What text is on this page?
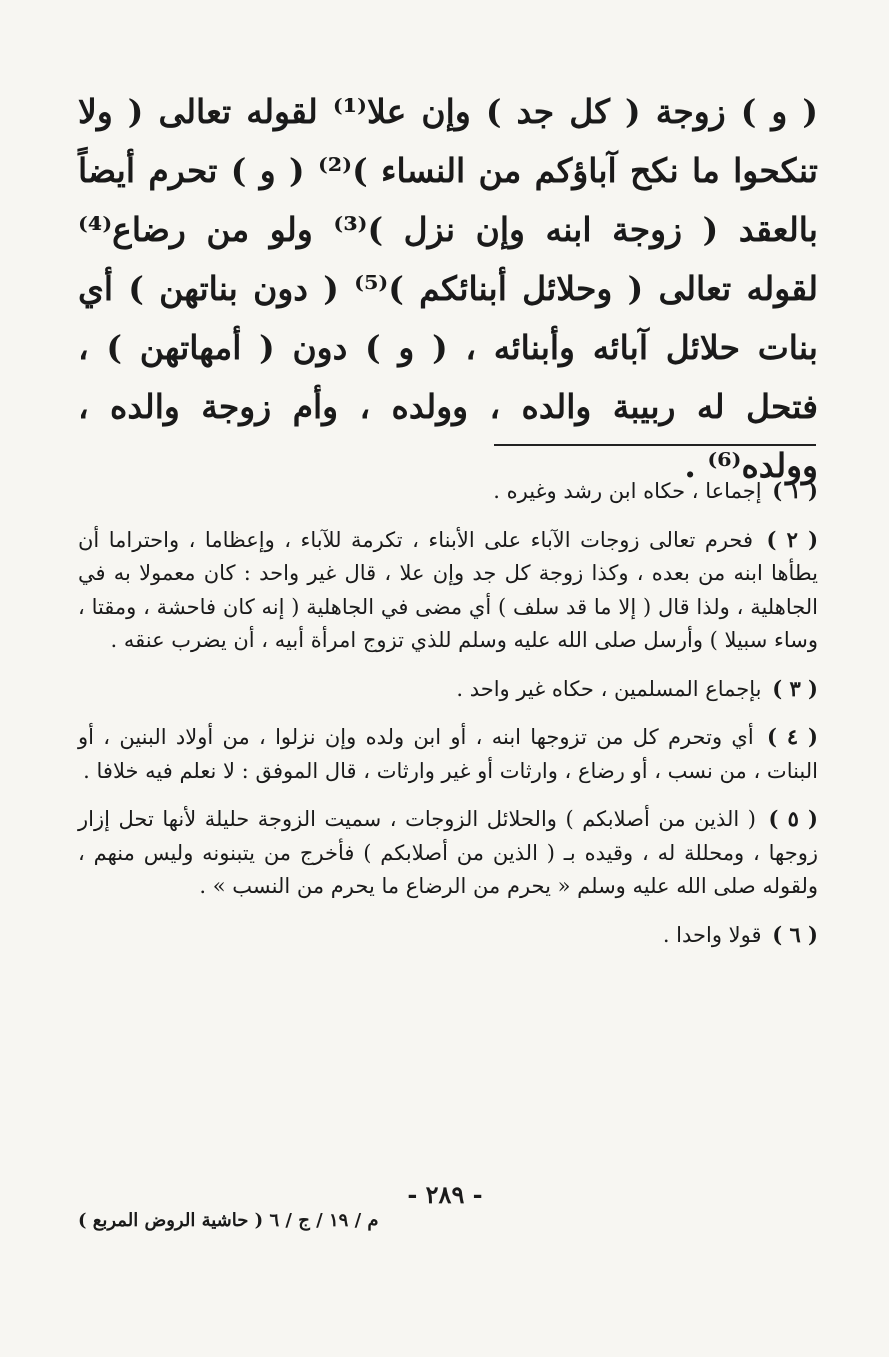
( و ) زوجة ( كل جد ) وإن علا⁽¹⁾ لقوله تعالى ( ولا تنكحوا ما نكح آباؤكم من النساء )⁽²⁾ ( و ) تحرم أيضاً بالعقد ( زوجة ابنه وإن نزل )⁽³⁾ ولو من رضاع⁽⁴⁾ لقوله تعالى ( وحلائل أبنائكم )⁽⁵⁾ ( دون بناتهن ) أي بنات حلائل آبائه وأبنائه ، ( و ) دون ( أمهاتهن ) ، فتحل له ربيبة والده ، وولده ، وأم زوجة والده ، وولده⁽⁶⁾ .

( ١ ) إجماعا ، حكاه ابن رشد وغيره .

( ٢ ) فحرم تعالى زوجات الآباء على الأبناء ، تكرمة للآباء ، وإعظاما ، واحتراما أن يطأها ابنه من بعده ، وكذا زوجة كل جد وإن علا ، قال غير واحد : كان معمولا به في الجاهلية ، ولذا قال ( إلا ما قد سلف ) أي مضى في الجاهلية ( إنه كان فاحشة ، ومقتا ، وساء سبيلا ) وأرسل صلى الله عليه وسلم للذي تزوج امرأة أبيه ، أن يضرب عنقه .

( ٣ ) بإجماع المسلمين ، حكاه غير واحد .

( ٤ ) أي وتحرم كل من تزوجها ابنه ، أو ابن ولده وإن نزلوا ، من أولاد البنين ، أو البنات ، من نسب ، أو رضاع ، وارثات أو غير وارثات ، قال الموفق : لا نعلم فيه خلافا .

( ٥ ) ( الذين من أصلابكم ) والحلائل الزوجات ، سميت الزوجة حليلة لأنها تحل إزار زوجها ، ومحللة له ، وقيده بـ ( الذين من أصلابكم ) فأخرج من يتبنونه وليس منهم ، ولقوله صلى الله عليه وسلم « يحرم من الرضاع ما يحرم من النسب » .

( ٦ ) قولا واحدا .

- ٢٨٩ -
م / ١٩ / ج / ٦ ( حاشية الروض المربع )
